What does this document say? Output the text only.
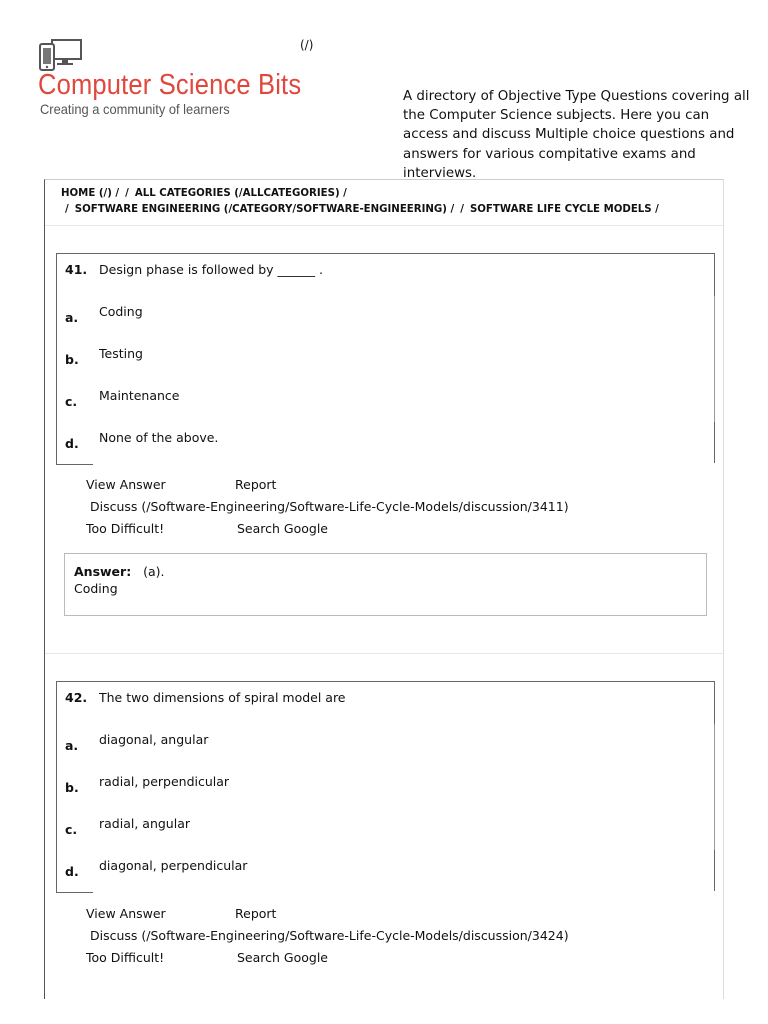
(/)
Computer Science Bits
Creating a community of learners
A directory of Objective Type Questions covering all the Computer Science subjects. Here you can access and discuss Multiple choice questions and answers for various compitative exams and interviews.
HOME (/) / / ALL CATEGORIES (/ALLCATEGORIES) /
/ SOFTWARE ENGINEERING (/CATEGORY/SOFTWARE-ENGINEERING) / / SOFTWARE LIFE CYCLE MODELS /
41. Design phase is followed by ______ .
a. Coding
b. Testing
c. Maintenance
d. None of the above.
View Answer	Report
Discuss (/Software-Engineering/Software-Life-Cycle-Models/discussion/3411)
Too Difficult!	Search Google
Answer: (a).
Coding
42. The two dimensions of spiral model are
a. diagonal, angular
b. radial, perpendicular
c. radial, angular
d. diagonal, perpendicular
View Answer	Report
Discuss (/Software-Engineering/Software-Life-Cycle-Models/discussion/3424)
Too Difficult!	Search Google
